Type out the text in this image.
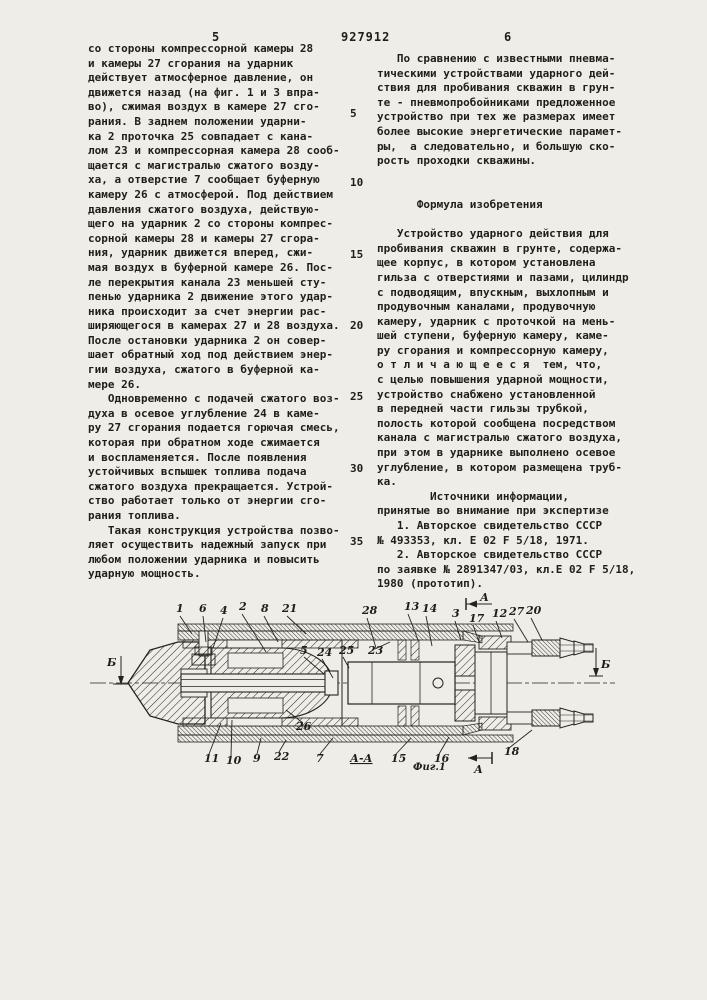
5	927912	6
со стороны компрессорной камеры 28
и камеры 27 сгорания на ударник
действует атмосферное давление, он
движется назад (на фиг. 1 и 3 впра-
во), сжимая воздух в камере 27 сго-
рания. В заднем положении ударни-
ка 2 проточка 25 совпадает с кана-
лом 23 и компрессорная камера 28 сооб-
щается с магистралью сжатого возду-
ха, а отверстие 7 сообщает буферную
камеру 26 с атмосферой. Под действием
давления сжатого воздуха, действую-
щего на ударник 2 со стороны компрес-
сорной камеры 28 и камеры 27 сгора-
ния, ударник движется вперед, сжи-
мая воздух в буферной камере 26. Пос-
ле перекрытия канала 23 меньшей сту-
пенью ударника 2 движение этого удар-
ника происходит за счет энергии рас-
ширяющегося в камерах 27 и 28 воздуха.
После остановки ударника 2 он совер-
шает обратный ход под действием энер-
гии воздуха, сжатого в буферной ка-
мере 26.
Одновременно с подачей сжатого воз-
духа в осевое углубление 24 в каме-
ру 27 сгорания подается горючая смесь,
которая при обратном ходе сжимается
и воспламеняется. После появления
устойчивых вспышек топлива подача
сжатого воздуха прекращается. Устрой-
ство работает только от энергии сго-
рания топлива.
Такая конструкция устройства позво-
ляет осуществить надежный запуск при
любом положении ударника и повысить
ударную мощность.
По сравнению с известными пневма-
тическими устройствами ударного дей-
ствия для пробивания скважин в грун-
те - пневмопробойниками предложенное
устройство при тех же размерах имеет
более высокие энергетические парамет-
ры,  а следовательно, и большую ско-
рость проходки скважины.

Формула изобретения

Устройство ударного действия для
пробивания скважин в грунте, содержа-
щее корпус, в котором установлена
гильза с отверстиями и пазами, цилиндр
с подводящим, впускным, выхлопным и
продувочным каналами, продувочную
камеру, ударник с проточкой на мень-
шей ступени, буферную камеру, каме-
ру сгорания и компрессорную камеру,
о т л и ч а ю щ е е с я  тем, что,
с целью повышения ударной мощности,
устройство снабжено установленной
в передней части гильзы трубкой,
полость которой сообщена посредством
канала с магистралью сжатого воздуха,
при этом в ударнике выполнено осевое
углубление, в котором размещена труб-
ка.
Источники информации,
принятые во внимание при экспертизе
1. Авторское свидетельство СССР
№ 493353, кл. Е 02 F 5/18, 1971.
2. Авторское свидетельство СССР
по заявке № 2891347/03, кл.Е 02 F 5/18,
1980 (прототип).
5
10
15
20
25
30
35
Б	Б
А
А
А-А
Фиг.1
1 6 4 2 8 21	28 13 14 3 17 12 27 20
5 24 25 23
26
11 10 9 22 7	15	16
18
